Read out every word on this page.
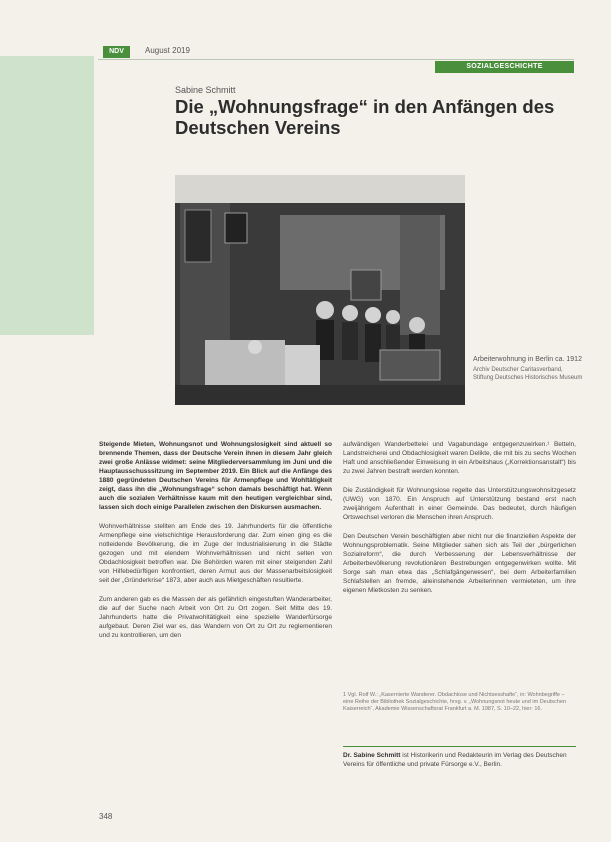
NDV	August 2019
SOZIALGESCHICHTE
Sabine Schmitt
Die „Wohnungsfrage“ in den Anfängen des Deutschen Vereins
Arbeiterwohnung in Berlin ca. 1912
Archiv Deutscher Caritasverband, Stiftung Deutsches Historisches Museum

Steigende Mieten, Wohnungsnot und Wohnungslosigkeit sind aktuell so brennende Themen, dass der Deutsche Verein ihnen in diesem Jahr gleich zwei große Anlässe widmet: seine Mitgliederversammlung im Juni und die Hauptausschusssitzung im September 2019. Ein Blick auf die Anfänge des 1880 gegründeten Deutschen Vereins für Armenpflege und Wohltätigkeit zeigt, dass ihn die „Wohnungsfrage“ schon damals beschäftigt hat. Wenn auch die sozialen Verhältnisse kaum mit den heutigen vergleichbar sind, lassen sich doch einige Parallelen zwischen den Diskursen ausmachen.

Wohnverhältnisse stellten am Ende des 19. Jahrhunderts für die öffentliche Armenpflege eine vielschichtige Herausforderung dar. Zum einen ging es die notleidende Bevölkerung, die im Zuge der Industrialisierung in die Städte gezogen und mit elendem Wohnverhältnissen und nicht selten von Obdachlosigkeit betroffen war. Die Behörden waren mit einer steigenden Zahl von Hilfebedürftigen konfrontiert, deren Armut aus der Massenarbeitslosigkeit seit der „Gründerkrise“ 1873, aber auch aus Mietgeschäften resultierte.

Zum anderen gab es die Massen der als gefährlich eingestuften Wanderarbeiter, die auf der Suche nach Arbeit von Ort zu Ort zogen. Seit Mitte des 19. Jahrhunderts hatte die Privatwohltätigkeit eine spezielle Wanderfürsorge aufgebaut. Deren Ziel war es, das Wandern von Ort zu Ort zu reglementieren und zu kontrollieren, um den

aufwändigen Wanderbettelei und Vagabundage entgegenzuwirken.¹ Betteln, Landstreicherei und Obdachlosigkeit waren Delikte, die mit bis zu sechs Wochen Haft und anschließender Einweisung in ein Arbeitshaus („Korrektionsanstalt“) bis zu zwei Jahren bestraft werden konnten.

Die Zuständigkeit für Wohnungslose regelte das Unterstützungswohnsitzgesetz (UWG) von 1870. Ein Anspruch auf Unterstützung bestand erst nach zweijährigem Aufenthalt in einer Gemeinde. Das bedeutet, durch häufigen Ortswechsel verloren die Menschen ihren Anspruch.

Den Deutschen Verein beschäftigten aber nicht nur die finanziellen Aspekte der Wohnungsproblematik. Seine Mitglieder sahen sich als Teil der „bürgerlichen Sozialreform“, die durch Verbesserung der Lebensverhältnisse der Arbeiterbevölkerung revolutionären Bestrebungen entgegenwirken wollte. Mit Sorge sah man etwa das „Schlafgängerwesen“, bei dem Arbeiterfamilien Schlafstellen an fremde, alleinstehende Arbeiterinnen vermieteten, um ihre eigenen Mietkosten zu senken.

1 Vgl. Rolf W.: „Kasernierte Wanderer. Obdachlose und Nichtsesshafte“, in: Wohnbegriffe – eine Reihe der Bibliothek Sozialgeschichte, hrsg. v. „Wohnungsnot heute und im Deutschen Kaiserreich“, Akademie Wissenschaftsrat Frankfurt a. M. 1987, S. 10–22, hier: 16.
Dr. Sabine Schmitt ist Historikerin und Redakteurin im Verlag des Deutschen Vereins für öffentliche und private Fürsorge e.V., Berlin.
348
